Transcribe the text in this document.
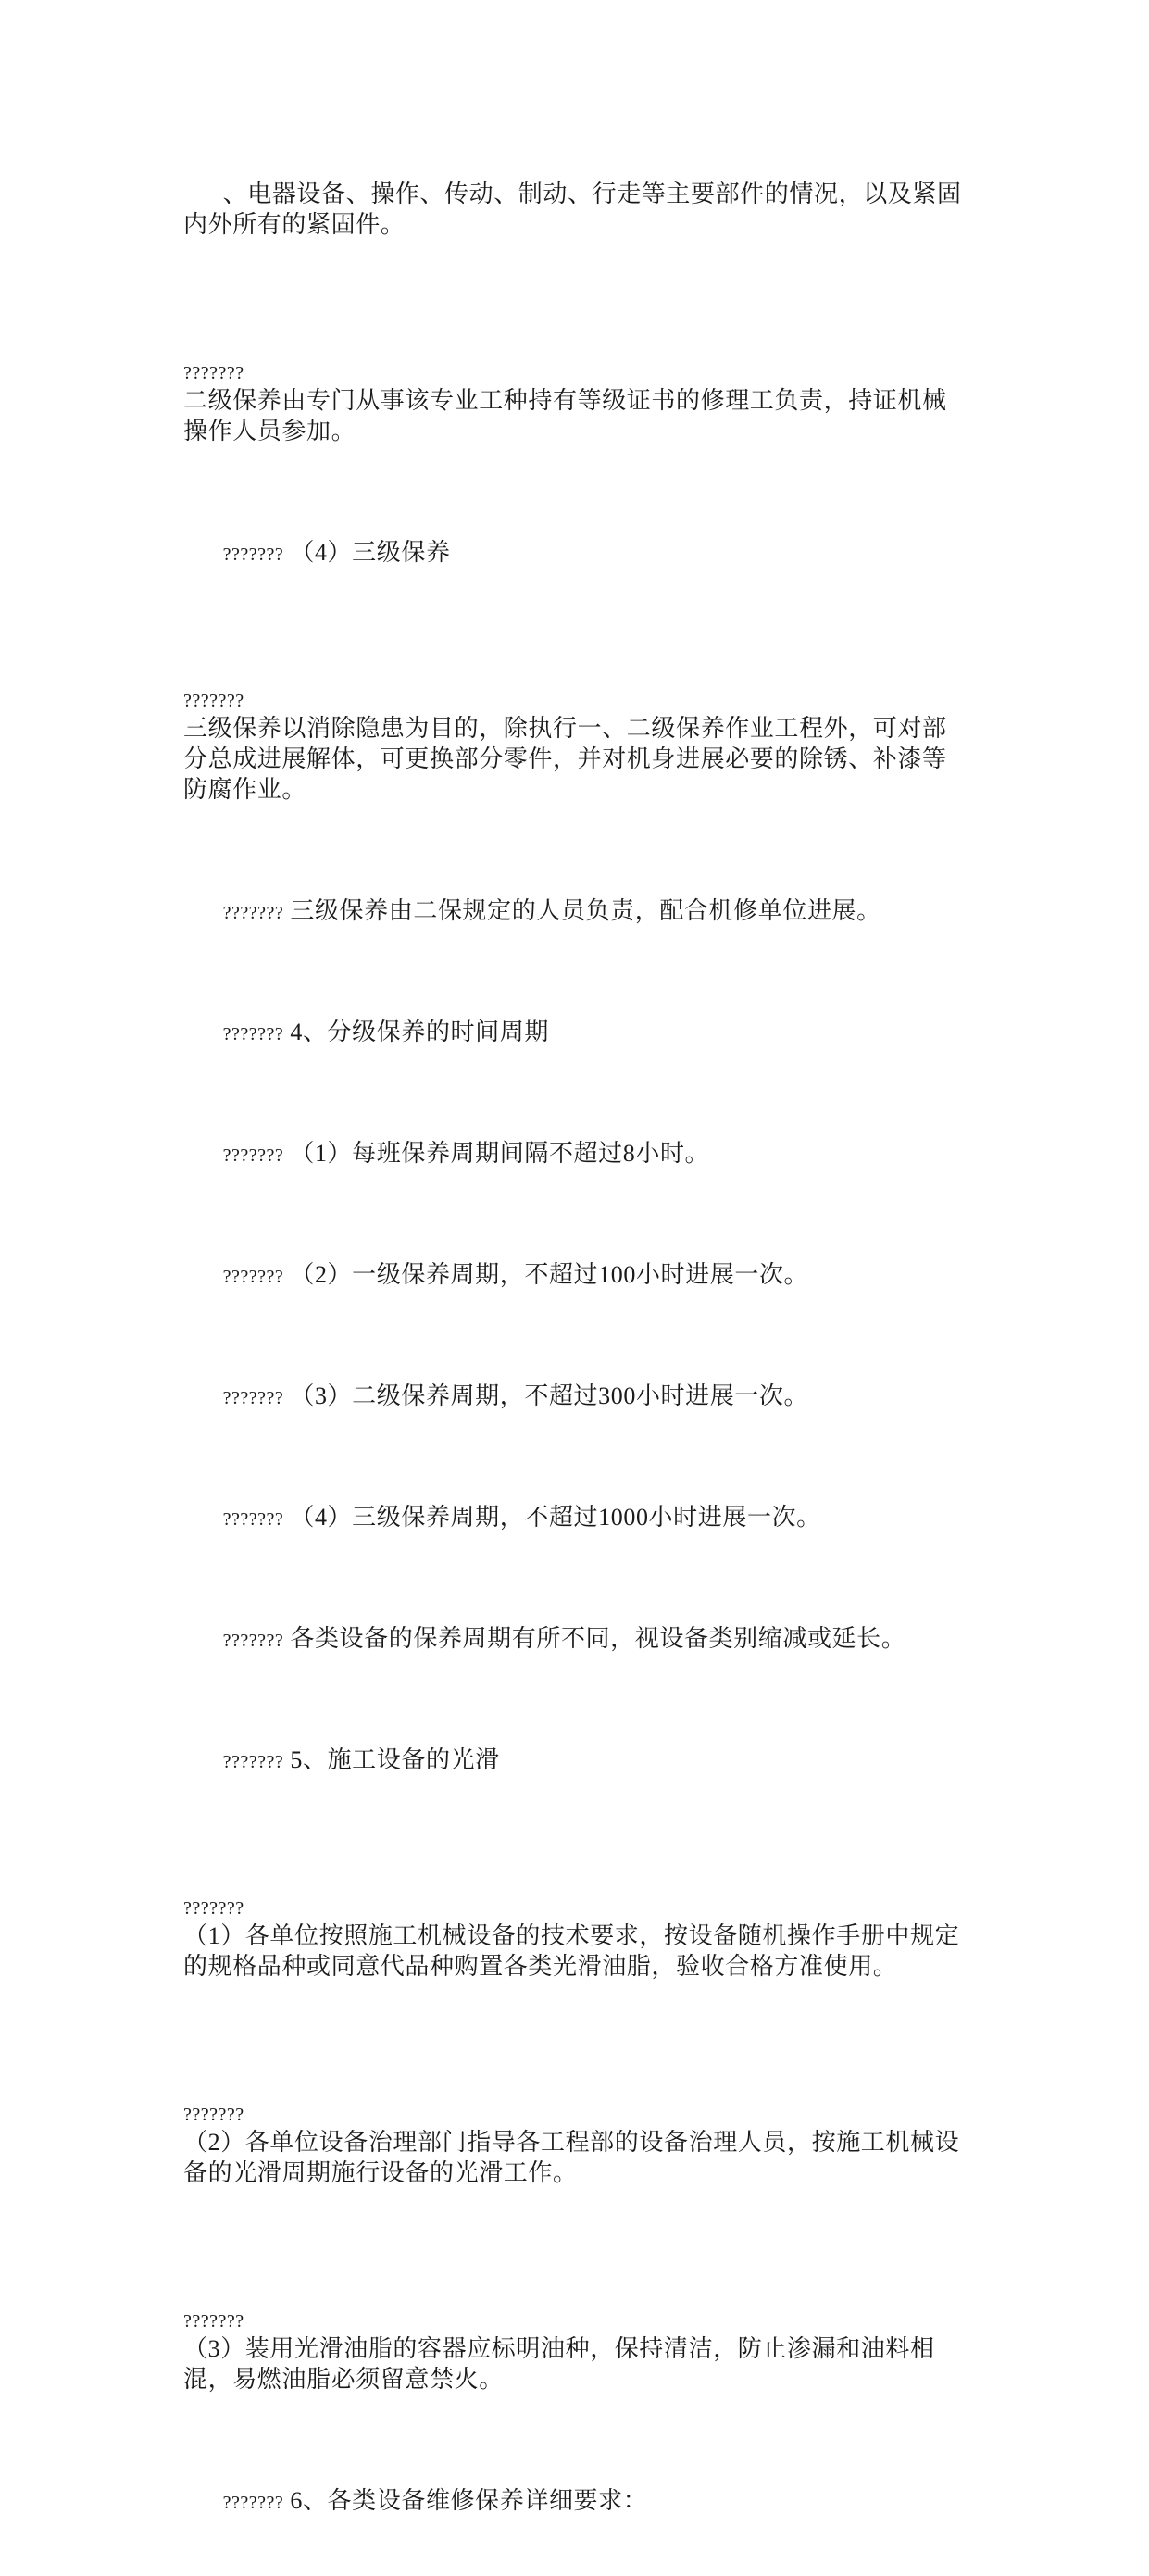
、电器设备、操作、传动、制动、行走等主要部件的情况，以及紧固内外所有的紧固件。

???????
二级保养由专门从事该专业工种持有等级证书的修理工负责，持证机械操作人员参加。

??????? （4）三级保养

???????
三级保养以消除隐患为目的，除执行一、二级保养作业工程外，可对部分总成进展解体，可更换部分零件，并对机身进展必要的除锈、补漆等防腐作业。

??????? 三级保养由二保规定的人员负责，配合机修单位进展。

??????? 4、分级保养的时间周期

??????? （1）每班保养周期间隔不超过8小时。

??????? （2）一级保养周期，不超过100小时进展一次。

??????? （3）二级保养周期，不超过300小时进展一次。

??????? （4）三级保养周期，不超过1000小时进展一次。

??????? 各类设备的保养周期有所不同，视设备类别缩减或延长。

??????? 5、施工设备的光滑

???????
（1）各单位按照施工机械设备的技术要求，按设备随机操作手册中规定的规格品种或同意代品种购置各类光滑油脂，验收合格方准使用。

???????
（2）各单位设备治理部门指导各工程部的设备治理人员，按施工机械设备的光滑周期施行设备的光滑工作。

???????
（3）装用光滑油脂的容器应标明油种，保持清洁，防止渗漏和油料相混，易燃油脂必须留意禁火。

??????? 6、各类设备维修保养详细要求：
